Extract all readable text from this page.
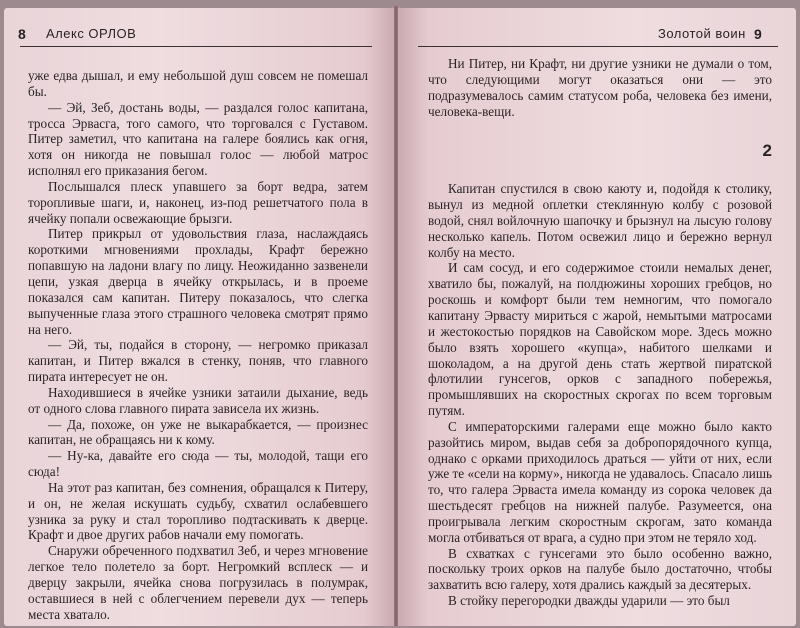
8 Алекс ОРЛОВ

уже едва дышал, и ему небольшой душ совсем не помешал бы.

— Эй, Зеб, достань воды, — раздался голос капитана, тросса Эрвасга, того самого, что торговался с Густавом. Питер заметил, что капитана на галере боялись как огня, хотя он никогда не повышал голос — любой матрос исполнял его приказания бегом.

Послышался плеск упавшего за борт ведра, затем торопливые шаги, и, наконец, из-под решетчатого пола в ячейку попали освежающие брызги.

Питер прикрыл от удовольствия глаза, наслаждаясь короткими мгновениями прохлады, Крафт бережно попавшую на ладони влагу по лицу. Неожиданно зазвенели цепи, узкая дверца в ячейку открылась, и в проеме показался сам капитан. Питеру показалось, что слегка выпученные глаза этого страшного человека смотрят прямо на него.

— Эй, ты, подайся в сторону, — негромко приказал капитан, и Питер вжался в стенку, поняв, что главного пирата интересует не он.

Находившиеся в ячейке узники затаили дыхание, ведь от одного слова главного пирата зависела их жизнь.

— Да, похоже, он уже не выкарабкается, — произнес капитан, не обращаясь ни к кому.

— Ну-ка, давайте его сюда — ты, молодой, тащи его сюда!

На этот раз капитан, без сомнения, обращался к Питеру, и он, не желая искушать судьбу, схватил ослабевшего узника за руку и стал торопливо подтаскивать к дверце. Крафт и двое других рабов начали ему помогать.

Снаружи обреченного подхватил Зеб, и через мгновение легкое тело полетело за борт. Негромкий всплеск — и дверцу закрыли, ячейка снова погрузилась в полумрак, оставшиеся в ней с облегчением перевели дух — теперь места хватало.

Золотой воин 9

Ни Питер, ни Крафт, ни другие узники не думали о том, что следующими могут оказаться они — это подразумевалось самим статусом роба, человека без имени, человека-вещи.

2

Капитан спустился в свою каюту и, подойдя к столику, вынул из медной оплетки стеклянную колбу с розовой водой, снял войлочную шапочку и брызнул на лысую голову несколько капель. Потом освежил лицо и бережно вернул колбу на место.

И сам сосуд, и его содержимое стоили немалых денег, хватило бы, пожалуй, на полдюжины хороших гребцов, но роскошь и комфорт были тем немногим, что помогало капитану Эрвасту мириться с жарой, немытыми матросами и жестокостью порядков на Савойском море. Здесь можно было взять хорошего «купца», набитого шелками и шоколадом, а на другой день стать жертвой пиратской флотилии гунсегов, орков с западного побережья, промышлявших на скоростных скрогах по всем торговым путям.

С императорскими галерами еще можно было както разойтись миром, выдав себя за добропорядочного купца, однако с орками приходилось драться — уйти от них, если уже те «сели на корму», никогда не удавалось. Спасало лишь то, что галера Эрваста имела команду из сорока человек да шестьдесят гребцов на нижней палубе. Разумеется, она проигрывала легким скоростным скрогам, зато команда могла отбиваться от врага, а судно при этом не теряло ход.

В схватках с гунсегами это было особенно важно, поскольку троих орков на палубе было достаточно, чтобы захватить всю галеру, хотя дрались каждый за десятерых.

В стойку перегородки дважды ударили — это был
